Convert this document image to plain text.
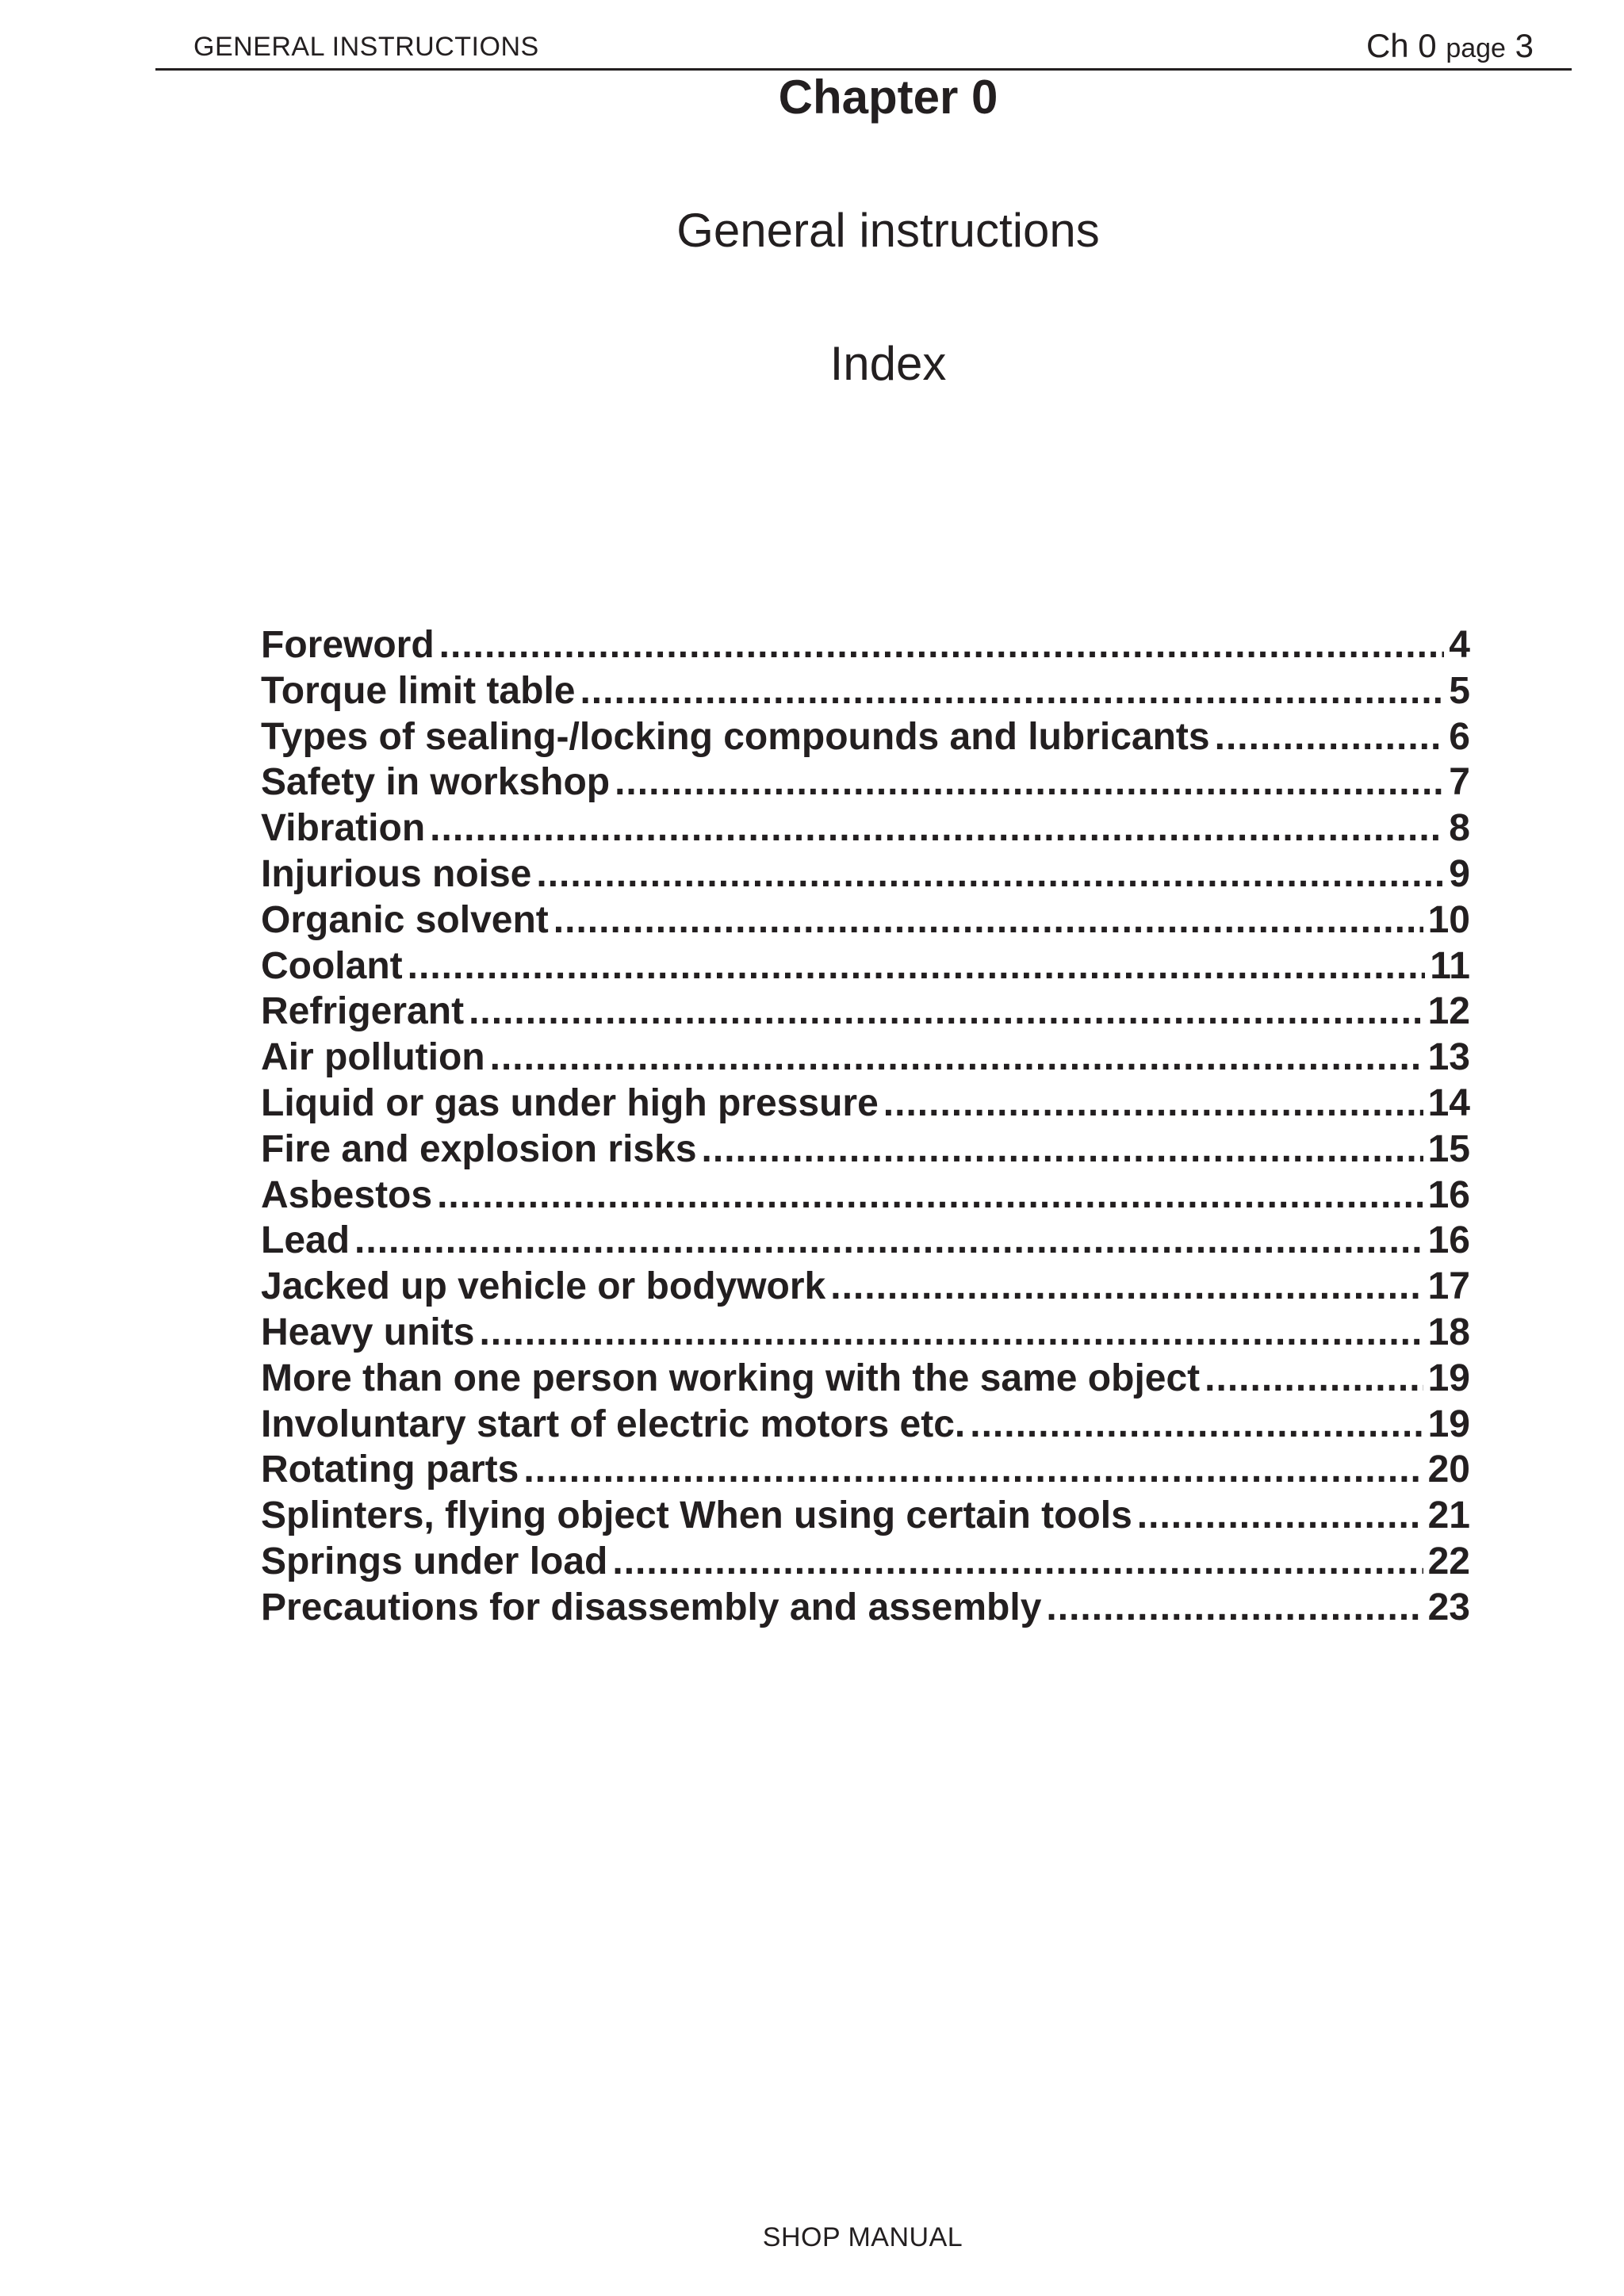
GENERAL INSTRUCTIONS	Ch 0 page 3
Chapter 0
General instructions
Index
Foreword .....	4
Torque limit table .....	5
Types of sealing-/locking compounds and lubricants .....	6
Safety in workshop .....	7
Vibration .....	8
Injurious noise .....	9
Organic solvent .....	10
Coolant .....	11
Refrigerant .....	12
Air pollution .....	13
Liquid or gas under high pressure .....	14
Fire and explosion risks .....	15
Asbestos .....	16
Lead .....	16
Jacked up vehicle or bodywork .....	17
Heavy units .....	18
More than one person working with the same object .....	19
Involuntary start of electric motors etc. .....	19
Rotating parts .....	20
Splinters, flying object When using certain tools .....	21
Springs under load .....	22
Precautions for disassembly and assembly .....	23
SHOP MANUAL
